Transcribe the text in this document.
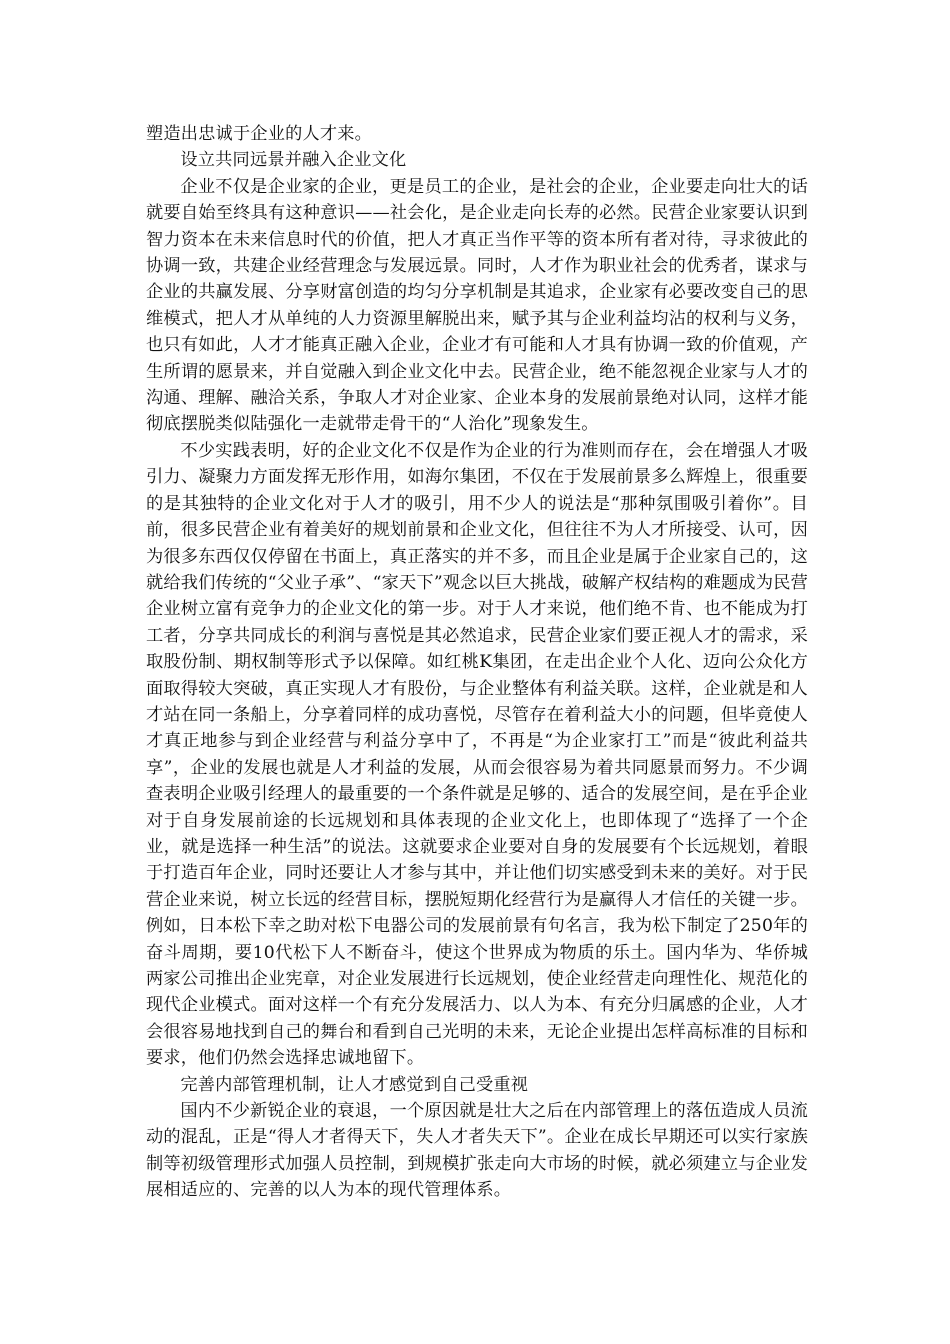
塑造出忠诚于企业的人才来。

设立共同远景并融入企业文化

企业不仅是企业家的企业，更是员工的企业，是社会的企业，企业要走向壮大的话就要自始至终具有这种意识——社会化，是企业走向长寿的必然。民营企业家要认识到智力资本在未来信息时代的价值，把人才真正当作平等的资本所有者对待，寻求彼此的协调一致，共建企业经营理念与发展远景。同时，人才作为职业社会的优秀者，谋求与企业的共赢发展、分享财富创造的均匀分享机制是其追求，企业家有必要改变自己的思维模式，把人才从单纯的人力资源里解脱出来，赋予其与企业利益均沾的权利与义务，也只有如此，人才才能真正融入企业，企业才有可能和人才具有协调一致的价值观，产生所谓的愿景来，并自觉融入到企业文化中去。民营企业，绝不能忽视企业家与人才的沟通、理解、融洽关系，争取人才对企业家、企业本身的发展前景绝对认同，这样才能彻底摆脱类似陆强化一走就带走骨干的“人治化”现象发生。

不少实践表明，好的企业文化不仅是作为企业的行为准则而存在，会在增强人才吸引力、凝聚力方面发挥无形作用，如海尔集团，不仅在于发展前景多么辉煌上，很重要的是其独特的企业文化对于人才的吸引，用不少人的说法是“那种氛围吸引着你”。目前，很多民营企业有着美好的规划前景和企业文化，但往往不为人才所接受、认可，因为很多东西仅仅停留在书面上，真正落实的并不多，而且企业是属于企业家自己的，这就给我们传统的“父业子承”、“家天下”观念以巨大挑战，破解产权结构的难题成为民营企业树立富有竞争力的企业文化的第一步。对于人才来说，他们绝不肯、也不能成为打工者，分享共同成长的利润与喜悦是其必然追求，民营企业家们要正视人才的需求，采取股份制、期权制等形式予以保障。如红桃K集团，在走出企业个人化、迈向公众化方面取得较大突破，真正实现人才有股份，与企业整体有利益关联。这样，企业就是和人才站在同一条船上，分享着同样的成功喜悦，尽管存在着利益大小的问题，但毕竟使人才真正地参与到企业经营与利益分享中了，不再是“为企业家打工”而是“彼此利益共享”，企业的发展也就是人才利益的发展，从而会很容易为着共同愿景而努力。不少调查表明企业吸引经理人的最重要的一个条件就是足够的、适合的发展空间，是在乎企业对于自身发展前途的长远规划和具体表现的企业文化上，也即体现了“选择了一个企业，就是选择一种生活”的说法。这就要求企业要对自身的发展要有个长远规划，着眼于打造百年企业，同时还要让人才参与其中，并让他们切实感受到未来的美好。对于民营企业来说，树立长远的经营目标，摆脱短期化经营行为是赢得人才信任的关键一步。例如，日本松下幸之助对松下电器公司的发展前景有句名言，我为松下制定了250年的奋斗周期，要10代松下人不断奋斗，使这个世界成为物质的乐土。国内华为、华侨城两家公司推出企业宪章，对企业发展进行长远规划，使企业经营走向理性化、规范化的现代企业模式。面对这样一个有充分发展活力、以人为本、有充分归属感的企业，人才会很容易地找到自己的舞台和看到自己光明的未来，无论企业提出怎样高标准的目标和要求，他们仍然会选择忠诚地留下。

完善内部管理机制，让人才感觉到自己受重视

国内不少新锐企业的衰退，一个原因就是壮大之后在内部管理上的落伍造成人员流动的混乱，正是“得人才者得天下，失人才者失天下”。企业在成长早期还可以实行家族制等初级管理形式加强人员控制，到规模扩张走向大市场的时候，就必须建立与企业发展相适应的、完善的以人为本的现代管理体系。
